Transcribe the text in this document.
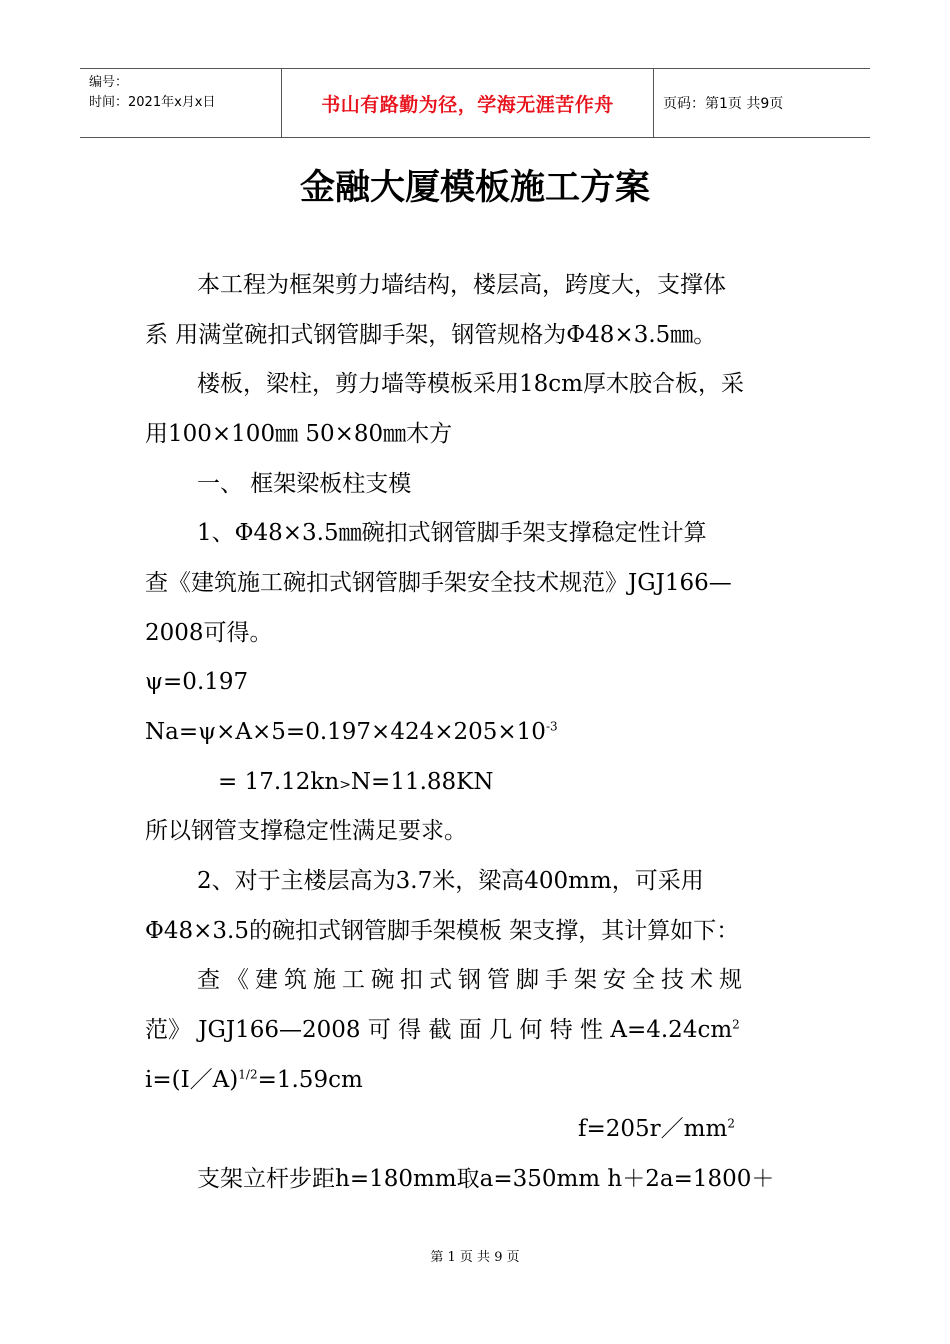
编号：
时间：2021年x月x日	书山有路勤为径，学海无涯苦作舟	页码：第1页 共9页
金融大厦模板施工方案
本工程为框架剪力墙结构，楼层高，跨度大，支撑体
系 用满堂碗扣式钢管脚手架，钢管规格为Φ48×3.5㎜。
楼板，梁柱，剪力墙等模板采用18cm厚木胶合板，采
用100×100㎜ 50×80㎜木方
一、 框架梁板柱支模
1、Φ48×3.5㎜碗扣式钢管脚手架支撑稳定性计算
查《建筑施工碗扣式钢管脚手架安全技术规范》JGJ166—
2008可得。
ψ=0.197
$Na=\psi\times A\times 5=0.197\times 424\times 205\times 10^{-3}$
= 17.12kn>N=11.88KN
所以钢管支撑稳定性满足要求。
2、对于主楼层高为3.7米，梁高400mm，可采用
Φ48×3.5的碗扣式钢管脚手架模板 架支撑，其计算如下：
查《建筑施工碗扣式钢管脚手架安全技术规
范》 JGJ166—2008 可 得 截 面 几 何 特 性 $A=4.24cm^2$
i=(I／A)$^{1/2}$=1.59cm
$f=205r/mm^2$
支架立杆步距h=180mm取a=350mm h＋2a=1800＋
第 1 页 共 9 页
